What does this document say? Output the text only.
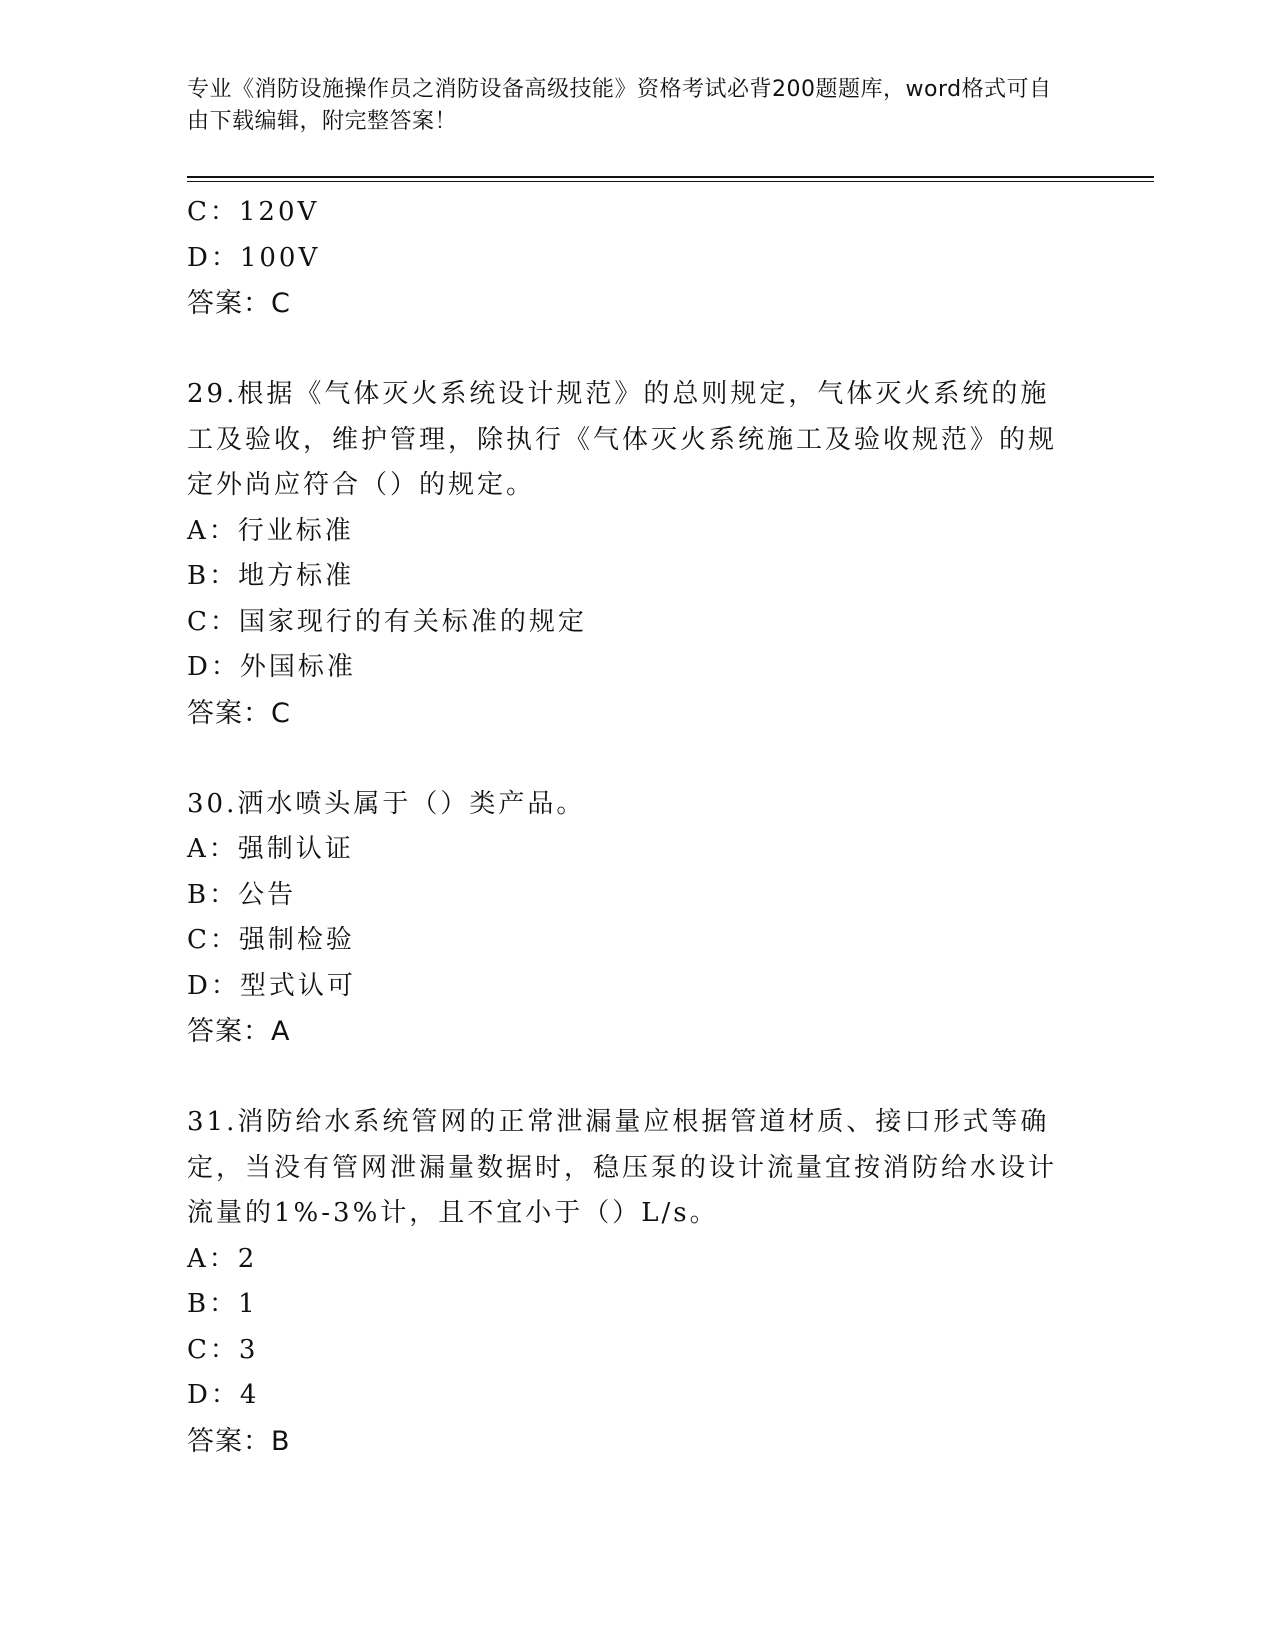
专业《消防设施操作员之消防设备高级技能》资格考试必背200题题库，word格式可自由下载编辑，附完整答案！
C：120V
D：100V
答案：C
29.根据《气体灭火系统设计规范》的总则规定，气体灭火系统的施工及验收，维护管理，除执行《气体灭火系统施工及验收规范》的规定外尚应符合（）的规定。
A：行业标准
B：地方标准
C：国家现行的有关标准的规定
D：外国标准
答案：C
30.洒水喷头属于（）类产品。
A：强制认证
B：公告
C：强制检验
D：型式认可
答案：A
31.消防给水系统管网的正常泄漏量应根据管道材质、接口形式等确定，当没有管网泄漏量数据时，稳压泵的设计流量宜按消防给水设计流量的1%-3%计，且不宜小于（）L/s。
A：2
B：1
C：3
D：4
答案：B
